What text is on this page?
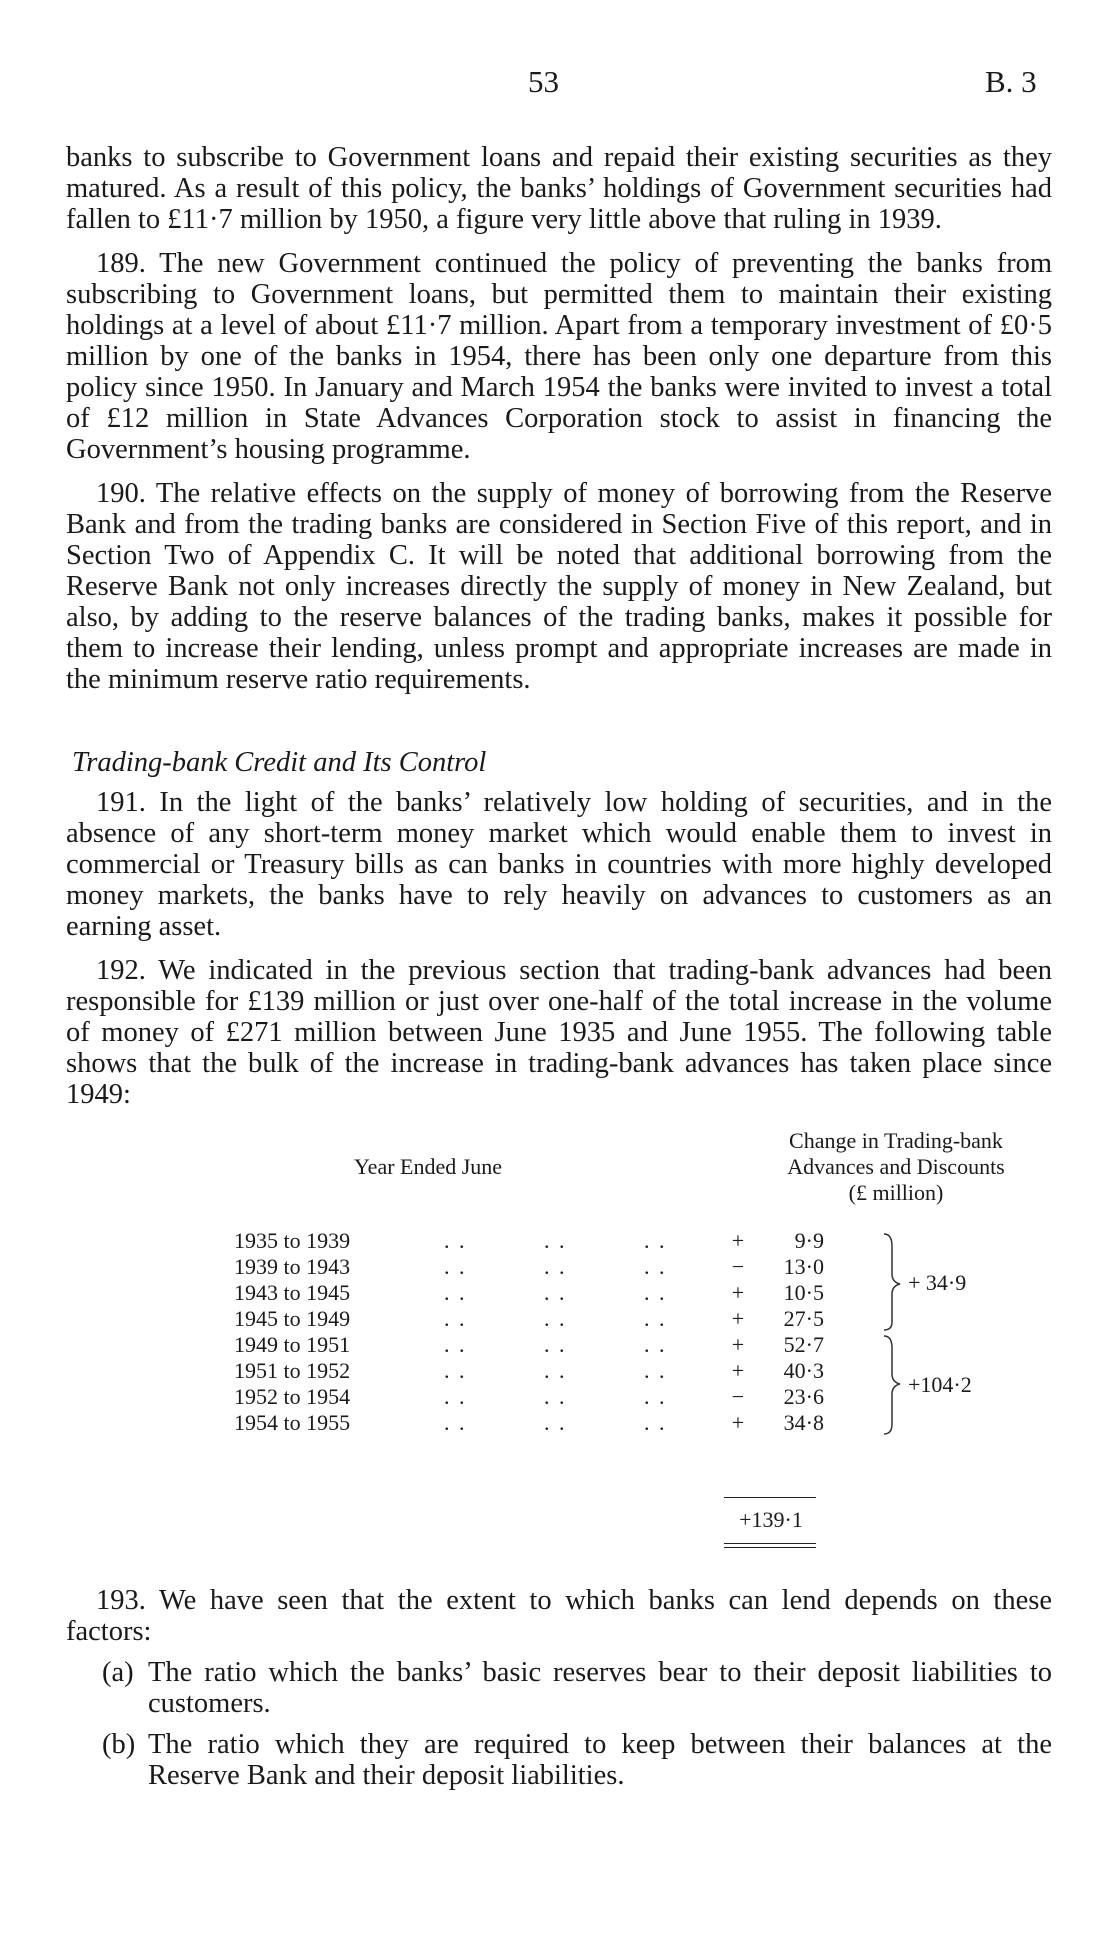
53	B. 3

banks to subscribe to Government loans and repaid their existing securities as they matured. As a result of this policy, the banks’ holdings of Government securities had fallen to £11·7 million by 1950, a figure very little above that ruling in 1939.

189. The new Government continued the policy of preventing the banks from subscribing to Government loans, but permitted them to maintain their existing holdings at a level of about £11·7 million. Apart from a temporary investment of £0·5 million by one of the banks in 1954, there has been only one departure from this policy since 1950. In January and March 1954 the banks were invited to invest a total of £12 million in State Advances Corporation stock to assist in financing the Government’s housing programme.

190. The relative effects on the supply of money of borrowing from the Reserve Bank and from the trading banks are considered in Section Five of this report, and in Section Two of Appendix C. It will be noted that additional borrowing from the Reserve Bank not only increases directly the supply of money in New Zealand, but also, by adding to the reserve balances of the trading banks, makes it possible for them to increase their lending, unless prompt and appropriate increases are made in the minimum reserve ratio requirements.

Trading-bank Credit and Its Control

191. In the light of the banks’ relatively low holding of securities, and in the absence of any short-term money market which would enable them to invest in commercial or Treasury bills as can banks in countries with more highly developed money markets, the banks have to rely heavily on advances to customers as an earning asset.

192. We indicated in the previous section that trading-bank advances had been responsible for £139 million or just over one-half of the total increase in the volume of money of £271 million between June 1935 and June 1955. The following table shows that the bulk of the increase in trading-bank advances has taken place since 1949:

Year Ended June
Change in Trading-bank
Advances and Discounts
(£ million)
1935 to 1939	. .	. .	. .	+	9·9
1939 to 1943	. .	. .	. .	−	13·0
1943 to 1945	. .	. .	. .	+	10·5
1945 to 1949	. .	. .	. .	+	27·5
1949 to 1951	. .	. .	. .	+	52·7
1951 to 1952	. .	. .	. .	+	40·3
1952 to 1954	. .	. .	. .	−	23·6
1954 to 1955	. .	. .	. .	+	34·8
+ 34·9
+104·2
+139·1

193. We have seen that the extent to which banks can lend depends on these factors:

(a) The ratio which the banks’ basic reserves bear to their deposit liabilities to customers.
(b) The ratio which they are required to keep between their balances at the Reserve Bank and their deposit liabilities.
